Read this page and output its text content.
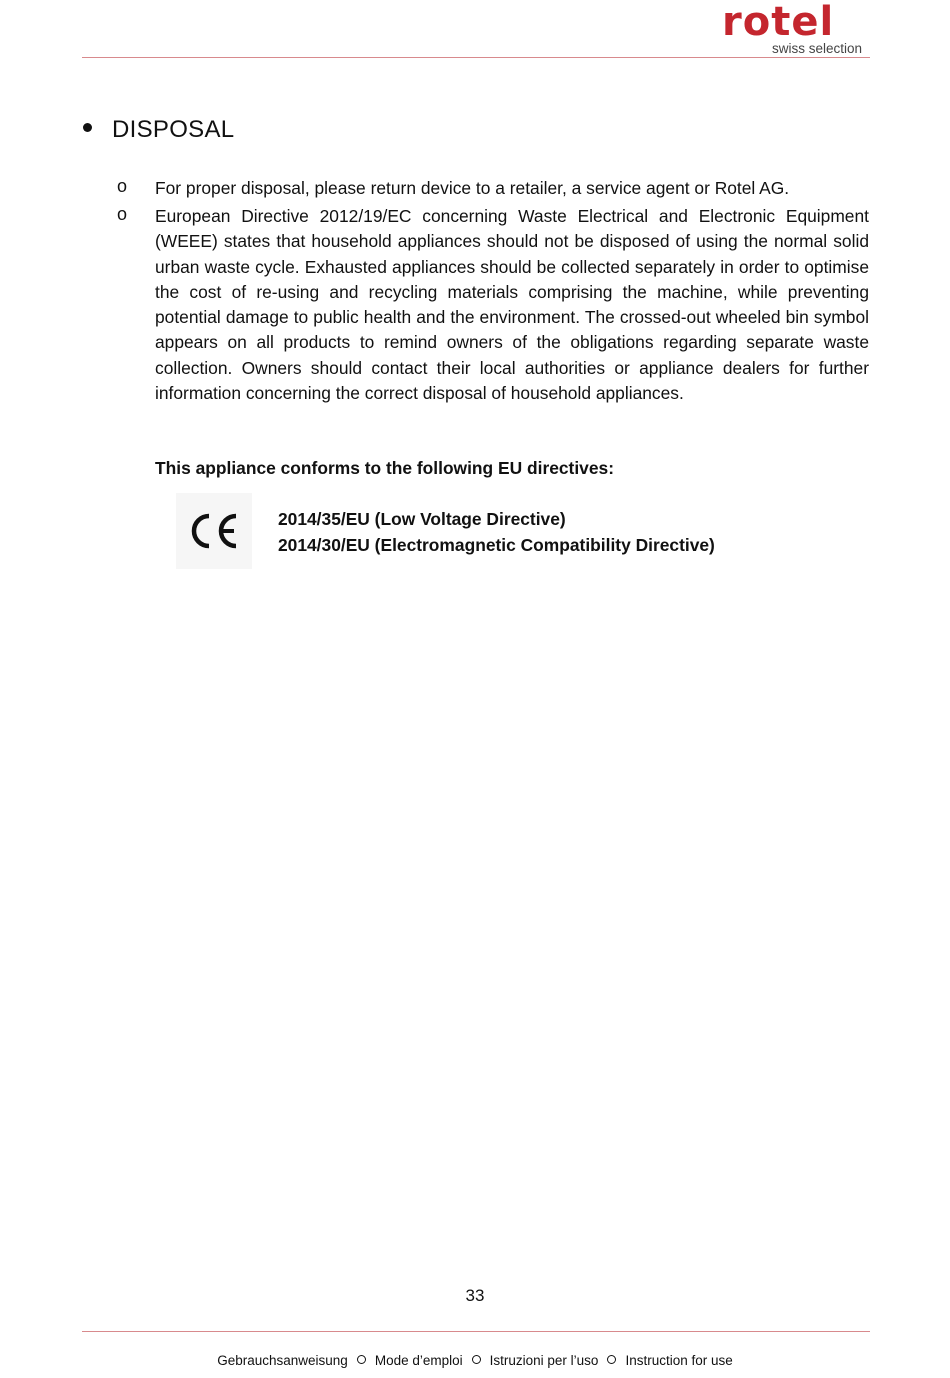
rotel
swiss selection
DISPOSAL
o For proper disposal, please return device to a retailer, a service agent or Rotel AG.
o European Directive 2012/19/EC concerning Waste Electrical and Electronic Equipment (WEEE) states that household appliances should not be disposed of using the normal solid urban waste cycle. Exhausted appliances should be collected separately in order to optimise the cost of re-using and recycling materials comprising the machine, while preventing potential damage to public health and the environment. The crossed-out wheeled bin symbol appears on all products to remind owners of the obligations regarding separate waste collection. Owners should contact their local authorities or appliance dealers for further information concerning the correct disposal of household appliances.
This appliance conforms to the following EU directives:
2014/35/EU (Low Voltage Directive)
2014/30/EU (Electromagnetic Compatibility Directive)
33
Gebrauchsanweisung Mode d’emploi Istruzioni per l’uso Instruction for use
